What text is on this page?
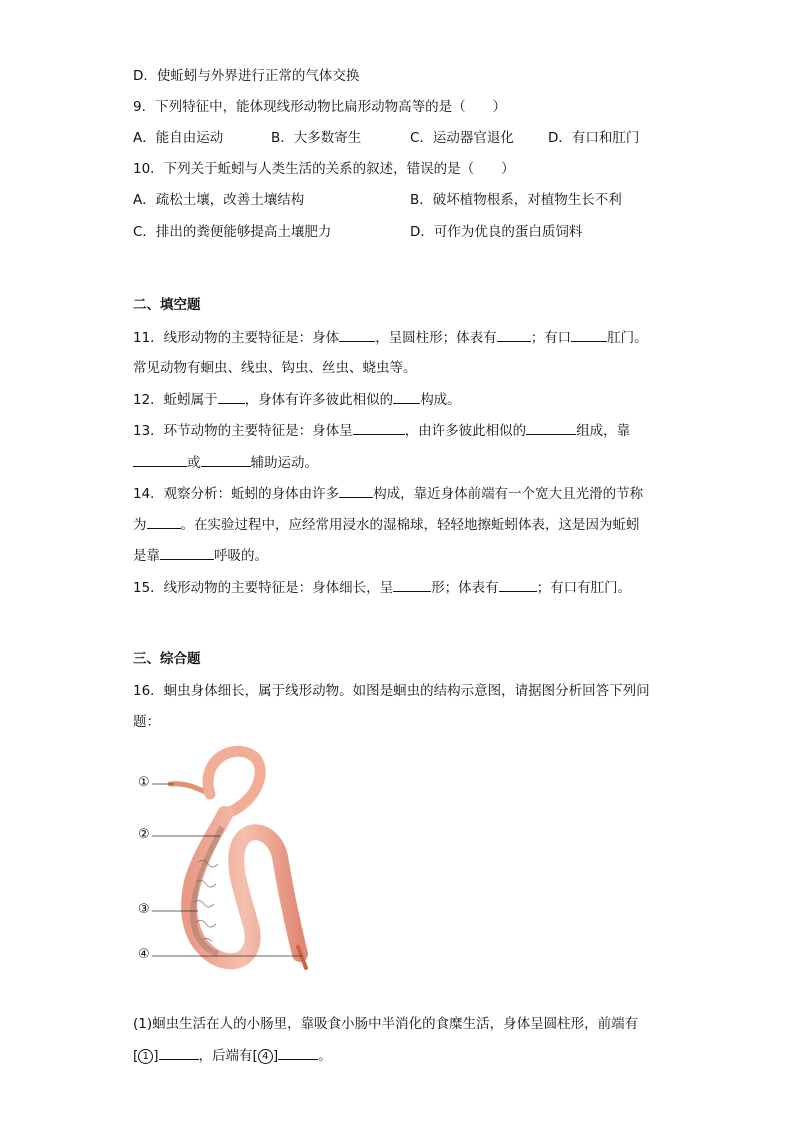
D．使蚯蚓与外界进行正常的气体交换
9．下列特征中，能体现线形动物比扁形动物高等的是（　　）
A．能自由运动	B．大多数寄生	C．运动器官退化	D．有口和肛门
10．下列关于蚯蚓与人类生活的关系的叙述，错误的是（　　）
A．疏松土壤，改善土壤结构	B．破坏植物根系，对植物生长不利
C．排出的粪便能够提高土壤肥力	D．可作为优良的蛋白质饲料
二、填空题
11．线形动物的主要特征是：身体	，呈圆柱形；体表有	；有口	肛门。
常见动物有蛔虫、线虫、钩虫、丝虫、蛲虫等。
12．蚯蚓属于 ，身体有许多彼此相似的 构成。
13．环节动物的主要特征是：身体呈	，由许多彼此相似的	组成，靠
或	辅助运动。
14．观察分析：蚯蚓的身体由许多	构成，靠近身体前端有一个宽大且光滑的节称
为	。在实验过程中，应经常用浸水的湿棉球，轻轻地擦蚯蚓体表，这是因为蚯蚓
是靠	呼吸的。
15．线形动物的主要特征是：身体细长，呈	形；体表有	；有口有肛门。
三、综合题
16．蛔虫身体细长，属于线形动物。如图是蛔虫的结构示意图，请据图分析回答下列问
题：
①
②
③
④
(1)蛔虫生活在人的小肠里，靠吸食小肠中半消化的食糜生活，身体呈圆柱形，前端有
[ 1 ]	，后端有[ 4 ]	。
